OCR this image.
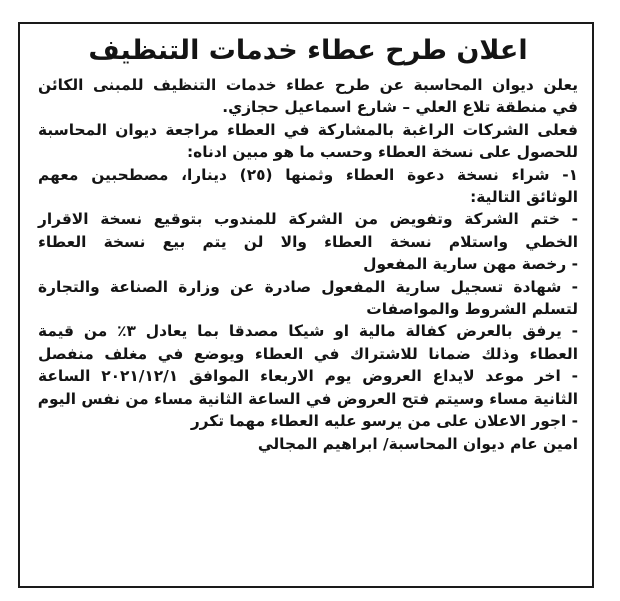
اعلان طرح عطاء خدمات التنظيف
يعلن ديوان المحاسبة عن طرح عطاء خدمات التنظيف للمبنى الكائن
في منطقة تلاع العلي – شارع اسماعيل حجازي.
فعلى الشركات الراغبة بالمشاركة في العطاء مراجعة ديوان المحاسبة
للحصول على نسخة العطاء وحسب ما هو مبين ادناه:
١- شراء نسخة دعوة العطاء وثمنها (٢٥) دينارا، مصطحبين معهم
الوثائق التالية:
- ختم الشركة وتفويض من الشركة للمندوب بتوقيع نسخة الاقرار
الخطي واستلام نسخة العطاء والا لن يتم بيع نسخة العطاء
- رخصة مهن سارية المفعول
- شهادة تسجيل سارية المفعول صادرة عن وزارة الصناعة والتجارة
لتسلم الشروط والمواصفات
- يرفق بالعرض كفالة مالية او شيكا مصدقا بما يعادل ٣٪ من قيمة
العطاء وذلك ضمانا للاشتراك في العطاء ويوضع في مغلف منفصل
- اخر موعد لايداع العروض يوم الاربعاء الموافق ٢٠٢١/١٢/١ الساعة
الثانية مساء وسيتم فتح العروض في الساعة الثانية مساء من نفس اليوم
- اجور الاعلان على من يرسو عليه العطاء مهما تكرر
امين عام ديوان المحاسبة/ ابراهيم المجالي
